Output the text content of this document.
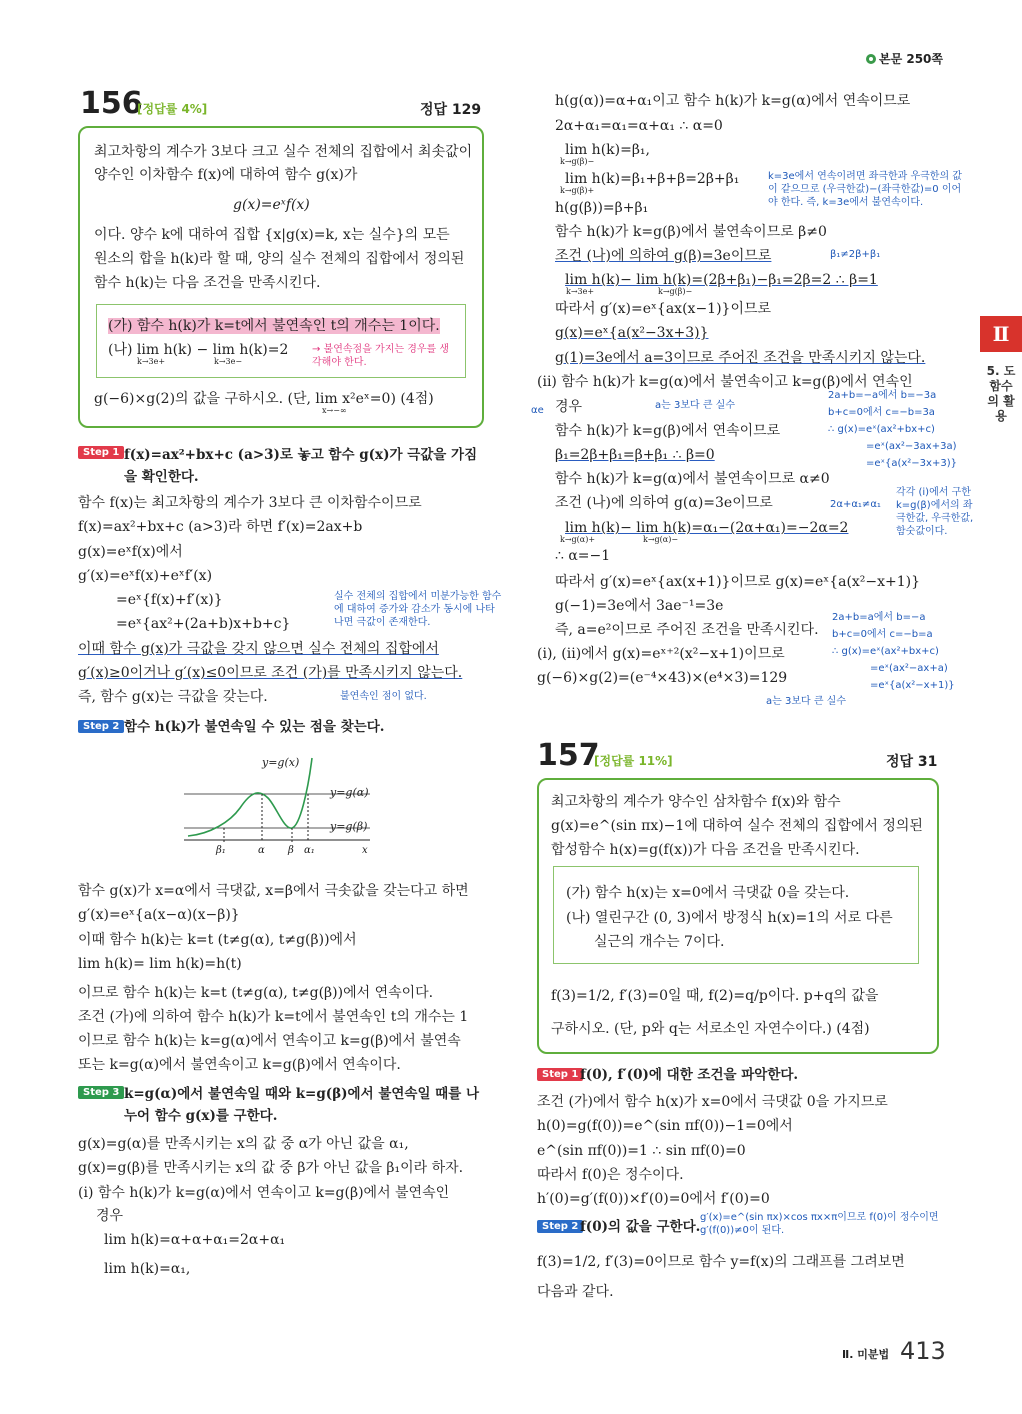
본문 250쪽
156
[정답률 4%]	정답 129
최고차항의 계수가 3보다 크고 실수 전체의 집합에서 최솟값이
양수인 이차함수 f(x)에 대하여 함수 g(x)가
g(x)=eˣf(x)
이다. 양수 k에 대하여 집합 {x|g(x)=k, x는 실수}의 모든
원소의 합을 h(k)라 할 때, 양의 실수 전체의 집합에서 정의된
함수 h(k)는 다음 조건을 만족시킨다.
(가) 함수 h(k)가 k=t에서 불연속인 t의 개수는 1이다.
(나) lim h(k) − lim h(k)=2
k→3e+	k→3e−
→ 불연속점을 가지는 경우를 생각해야 한다.
g(−6)×g(2)의 값을 구하시오. (단, lim x²eˣ=0) (4점)
x→−∞
Step 1 f(x)=ax²+bx+c (a>3)로 놓고 함수 g(x)가 극값을 가짐을 확인한다.
함수 f(x)는 최고차항의 계수가 3보다 큰 이차함수이므로
f(x)=ax²+bx+c (a>3)라 하면 f′(x)=2ax+b
g(x)=eˣf(x)에서
g′(x)=eˣf(x)+eˣf′(x)
=eˣ{f(x)+f′(x)}
=eˣ{ax²+(2a+b)x+b+c}
실수 전체의 집합에서 미분가능한 함수에 대하여 증가와 감소가 동시에 나타나면 극값이 존재한다.
이때 함수 g(x)가 극값을 갖지 않으면 실수 전체의 집합에서
g′(x)≥0이거나 g′(x)≤0이므로 조건 (가)를 만족시키지 않는다.
즉, 함수 g(x)는 극값을 갖는다.	불연속인 점이 없다.
Step 2 함수 h(k)가 불연속일 수 있는 점을 찾는다.
y=g(x)
y=g(α)
y=g(β)
β₁	α β α₁	x
함수 g(x)가 x=α에서 극댓값, x=β에서 극솟값을 갖는다고 하면
g′(x)=eˣ{a(x−α)(x−β)}
이때 함수 h(k)는 k=t (t≠g(α), t≠g(β))에서
lim h(k)= lim h(k)=h(t)
이므로 함수 h(k)는 k=t (t≠g(α), t≠g(β))에서 연속이다.
조건 (가)에 의하여 함수 h(k)가 k=t에서 불연속인 t의 개수는 1
이므로 함수 h(k)는 k=g(α)에서 연속이고 k=g(β)에서 불연속
또는 k=g(α)에서 불연속이고 k=g(β)에서 연속이다.
Step 3 k=g(α)에서 불연속일 때와 k=g(β)에서 불연속일 때를 나누어 함수 g(x)를 구한다.
g(x)=g(α)를 만족시키는 x의 값 중 α가 아닌 값을 α₁,
g(x)=g(β)를 만족시키는 x의 값 중 β가 아닌 값을 β₁이라 하자.
(i) 함수 h(k)가 k=g(α)에서 연속이고 k=g(β)에서 불연속인
경우
lim h(k)=α+α+α₁=2α+α₁
lim h(k)=α₁,
h(g(α))=α+α₁이고 함수 h(k)가 k=g(α)에서 연속이므로
2α+α₁=α₁=α+α₁ ∴ α=0
lim h(k)=β₁,
k→g(β)−
lim h(k)=β₁+β+β=2β+β₁
k→g(β)+
k=3e에서 연속이려면 좌극한과 우극한의 값이 같으므로 (우극한값)−(좌극한값)=0 이어야 한다. 즉, k=3e에서 불연속이다.
h(g(β))=β+β₁
함수 h(k)가 k=g(β)에서 불연속이므로 β≠0
조건 (나)에 의하여 g(β)=3e이므로	β₁≠2β+β₁
lim h(k)− lim h(k)=(2β+β₁)−β₁=2β=2 ∴ β=1
k→3e+	k→g(β)−
따라서 g′(x)=eˣ{ax(x−1)}이므로
g(x)=eˣ{a(x²−3x+3)}
g(1)=3e에서 a=3이므로 주어진 조건을 만족시키지 않는다.
(ii) 함수 h(k)가 k=g(α)에서 불연속이고 k=g(β)에서 연속인
αe 경우	a는 3보다 큰 실수
2a+b=−a에서 b=−3a
b+c=0에서 c=−b=3a
∴ g(x)=eˣ(ax²+bx+c)
=eˣ(ax²−3ax+3a)
=eˣ{a(x²−3x+3)}
함수 h(k)가 k=g(β)에서 연속이므로
β₁=2β+β₁=β+β₁ ∴ β=0
함수 h(k)가 k=g(α)에서 불연속이므로 α≠0
조건 (나)에 의하여 g(α)=3e이므로	2α+α₁≠α₁
각각 (i)에서 구한 k=g(β)에서의 좌극한값, 우극한값, 함숫값이다.
lim h(k)− lim h(k)=α₁−(2α+α₁)=−2α=2
k→g(α)+	k→g(α)−
∴ α=−1
따라서 g′(x)=eˣ{ax(x+1)}이므로 g(x)=eˣ{a(x²−x+1)}
g(−1)=3e에서 3ae⁻¹=3e
2a+b=a에서 b=−a
b+c=0에서 c=−b=a
∴ g(x)=eˣ(ax²+bx+c)
=eˣ(ax²−ax+a)
=eˣ{a(x²−x+1)}
즉, a=e²이므로 주어진 조건을 만족시킨다.
(i), (ii)에서 g(x)=eˣ⁺²(x²−x+1)이므로
g(−6)×g(2)=(e⁻⁴×43)×(e⁴×3)=129
a는 3보다 큰 실수
157
[정답률 11%]	정답 31
최고차항의 계수가 양수인 삼차함수 f(x)와 함수
g(x)=e^(sin πx)−1에 대하여 실수 전체의 집합에서 정의된
합성함수 h(x)=g(f(x))가 다음 조건을 만족시킨다.
(가) 함수 h(x)는 x=0에서 극댓값 0을 갖는다.
(나) 열린구간 (0, 3)에서 방정식 h(x)=1의 서로 다른
실근의 개수는 7이다.
f(3)=1/2, f′(3)=0일 때, f(2)=q/p이다. p+q의 값을
구하시오. (단, p와 q는 서로소인 자연수이다.) (4점)
Step 1 f(0), f′(0)에 대한 조건을 파악한다.
조건 (가)에서 함수 h(x)가 x=0에서 극댓값 0을 가지므로
h(0)=g(f(0))=e^(sin πf(0))−1=0에서
e^(sin πf(0))=1 ∴ sin πf(0)=0
따라서 f(0)은 정수이다.
h′(0)=g′(f(0))×f′(0)=0에서 f′(0)=0
Step 2 f(0)의 값을 구한다.
g′(x)=e^(sin πx)×cos πx×π이므로 f(0)이 정수이면 g′(f(0))≠0이 된다.
f(3)=1/2, f′(3)=0이므로 함수 y=f(x)의 그래프를 그려보면
다음과 같다.
Ⅱ
5. 도함수의 활용
Ⅱ. 미분법 413
